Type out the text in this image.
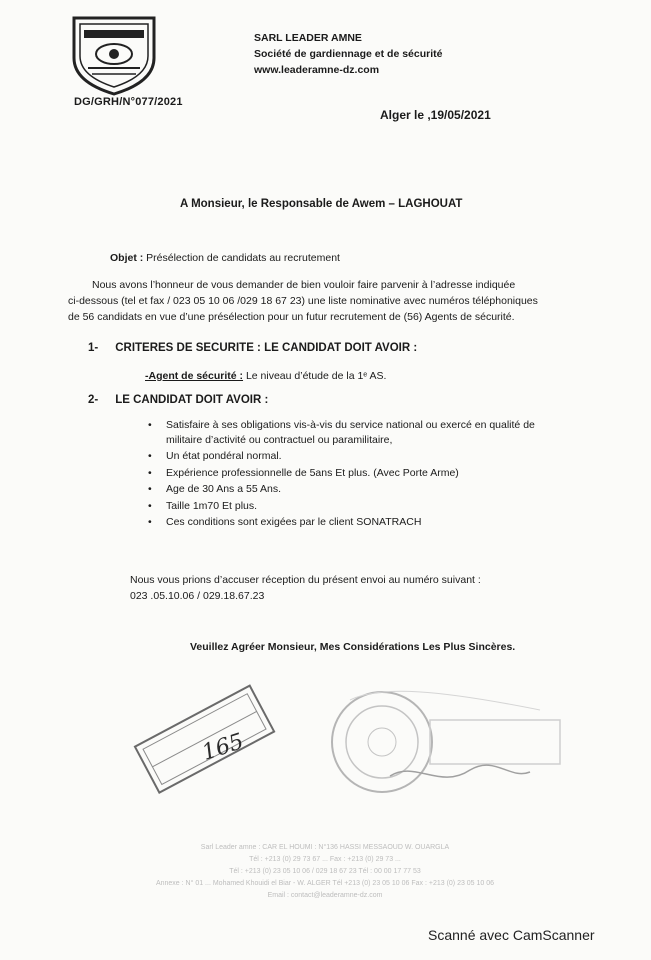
SARL LEADER AMNE
Société de gardiennage et de sécurité
www.leaderamne-dz.com
DG/GRH/N°077/2021
Alger le ,19/05/2021
A Monsieur, le Responsable de Awem – LAGHOUAT
Objet : Présélection de candidats au recrutement
Nous avons l’honneur de vous demander de bien vouloir faire parvenir à l’adresse indiquée
ci-dessous (tel et fax / 023 05 10 06 /029 18 67 23) une liste nominative avec numéros téléphoniques
de 56 candidats en vue d’une présélection pour un futur recrutement de (56) Agents de sécurité.
1- CRITERES DE SECURITE : LE CANDIDAT DOIT AVOIR :
-Agent de sécurité : Le niveau d’étude de la 1ᵉ AS.
2- LE CANDIDAT DOIT AVOIR :
• Satisfaire à ses obligations vis-à-vis du service national ou exercé en qualité de militaire d’activité ou contractuel ou paramilitaire,
• Un état pondéral normal.
• Expérience professionnelle de 5ans Et plus. (Avec Porte Arme)
• Age de 30 Ans a 55 Ans.
• Taille 1m70 Et plus.
• Ces conditions sont exigées par le client SONATRACH
Nous vous prions d’accuser réception du présent envoi au numéro suivant :
023 .05.10.06 / 029.18.67.23
Veuillez Agréer Monsieur, Mes Considérations Les Plus Sincères.
165
Sarl Leader amne : CAR EL HOUMI : N°136 HASSI MESSAOUD W. OUARGLA
Tél : +213 (0) 29 73 67 ... Fax : +213 (0) 29 73 ...
Tél : +213 (0) 23 05 10 06 / 029 18 67 23 Tél : 00 00 17 77 53
Annexe : N° 01 ... Mohamed Khouidi el Biar - W. ALGER Tél +213 (0) 23 05 10 06 Fax : +213 (0) 23 05 10 06
Email : contact@leaderamne-dz.com
Scanné avec CamScanner
